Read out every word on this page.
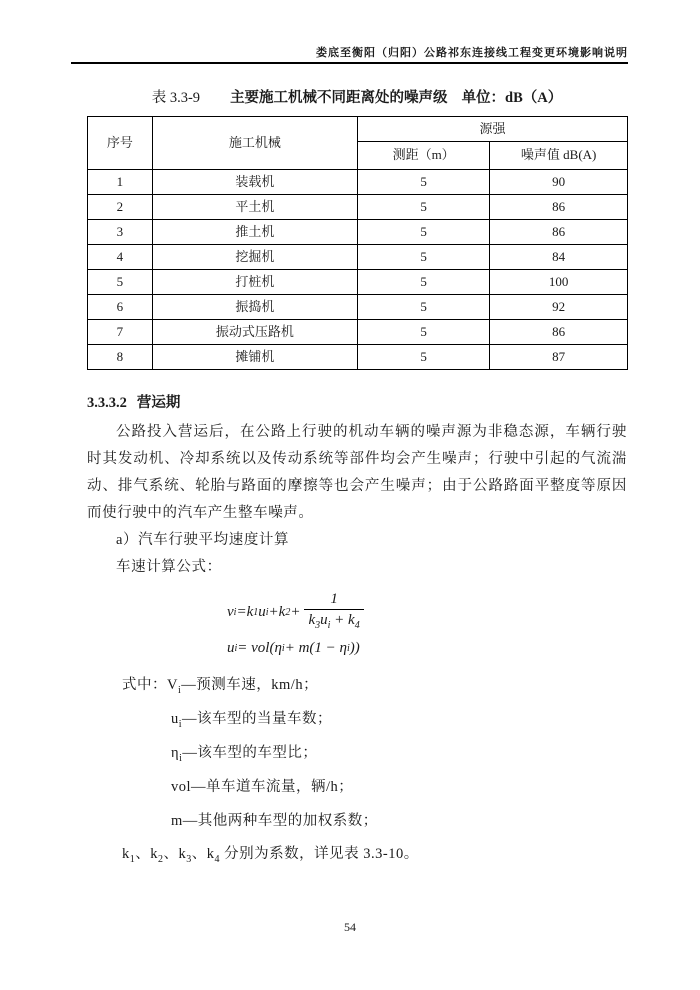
娄底至衡阳（归阳）公路祁东连接线工程变更环境影响说明
表 3.3-9 主要施工机械不同距离处的噪声级 单位：dB（A）
序号	施工机械	源强	
		测距（m）	噪声值 dB(A)
1	装载机	5	90
2	平土机	5	86
3	推土机	5	86
4	挖掘机	5	84
5	打桩机	5	100
6	振捣机	5	92
7	振动式压路机	5	86
8	摊铺机	5	87
3.3.3.2 营运期
公路投入营运后，在公路上行驶的机动车辆的噪声源为非稳态源，车辆行驶时其发动机、冷却系统以及传动系统等部件均会产生噪声；行驶中引起的气流湍动、排气系统、轮胎与路面的摩擦等也会产生噪声；由于公路路面平整度等原因而使行驶中的汽车产生整车噪声。
a）汽车行驶平均速度计算
车速计算公式：
v i = k 1 u i + k $2 + \frac{1}{k_3u_i + k_4}$
u i = vol(η i + m(1 − η i ))
式中：$V_i—$预测车速，km/h；
$u_i—$该车型的当量车数；
$\eta_i—$该车型的车型比；
vol—单车道车流量，辆/h；
m—其他两种车型的加权系数；
$k_1$、$k_2$、$k_3$、$k_4$ 分别为系数，详见表 3.3-10。
54
